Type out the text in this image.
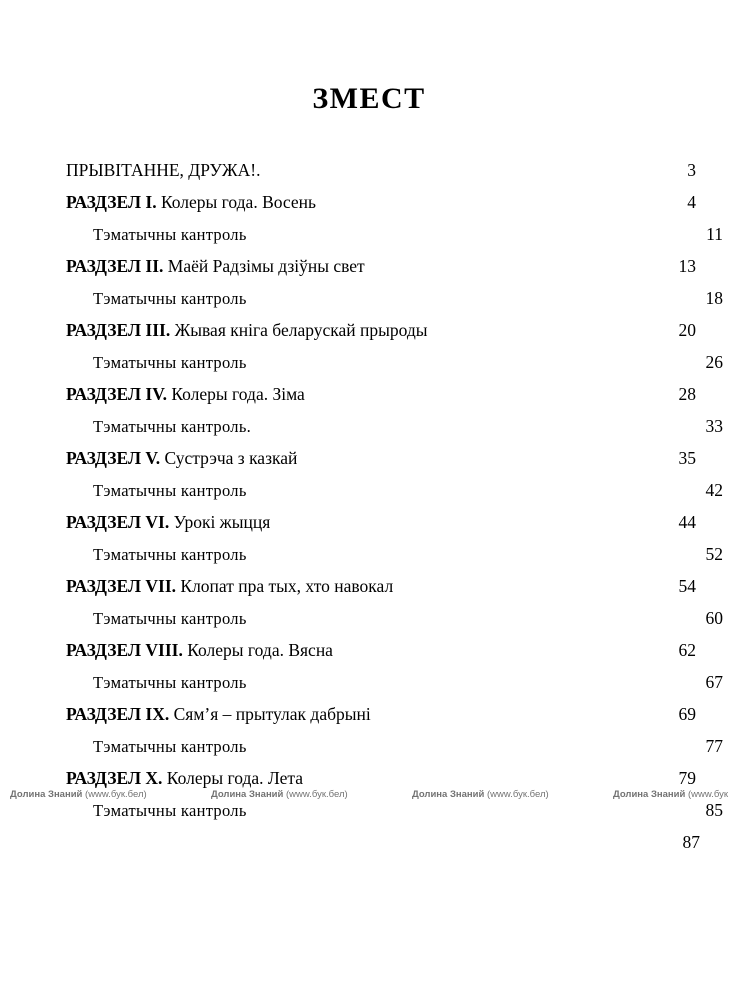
ЗМЕСТ
ПРЫВІТАННЕ, ДРУЖА!.	3
РАЗДЗЕЛ I. Колеры года. Восень	4
Тэматычны кантроль	11
РАЗДЗЕЛ II. Маёй Радзімы дзіўны свет	13
Тэматычны кантроль	18
РАЗДЗЕЛ III. Жывая кніга беларускай прыроды	20
Тэматычны кантроль	26
РАЗДЗЕЛ IV. Колеры года. Зіма	28
Тэматычны кантроль.	33
РАЗДЗЕЛ V. Сустрэча з казкай	35
Тэматычны кантроль	42
РАЗДЗЕЛ VI. Урокі жыцця	44
Тэматычны кантроль	52
РАЗДЗЕЛ VII. Клопат пра тых, хто навокал	54
Тэматычны кантроль	60
РАЗДЗЕЛ VIII. Колеры года. Вясна	62
Тэматычны кантроль	67
РАЗДЗЕЛ IX. Сям’я – прытулак дабрыні	69
Тэматычны кантроль	77
РАЗДЗЕЛ X. Колеры года. Лета	79
Тэматычны кантроль	85
Долина Знаний (www.бук.бел)	Долина Знаний (www.бук.бел)	Долина Знаний (www.бук.бел)	Долина Знаний (www.бук
87
